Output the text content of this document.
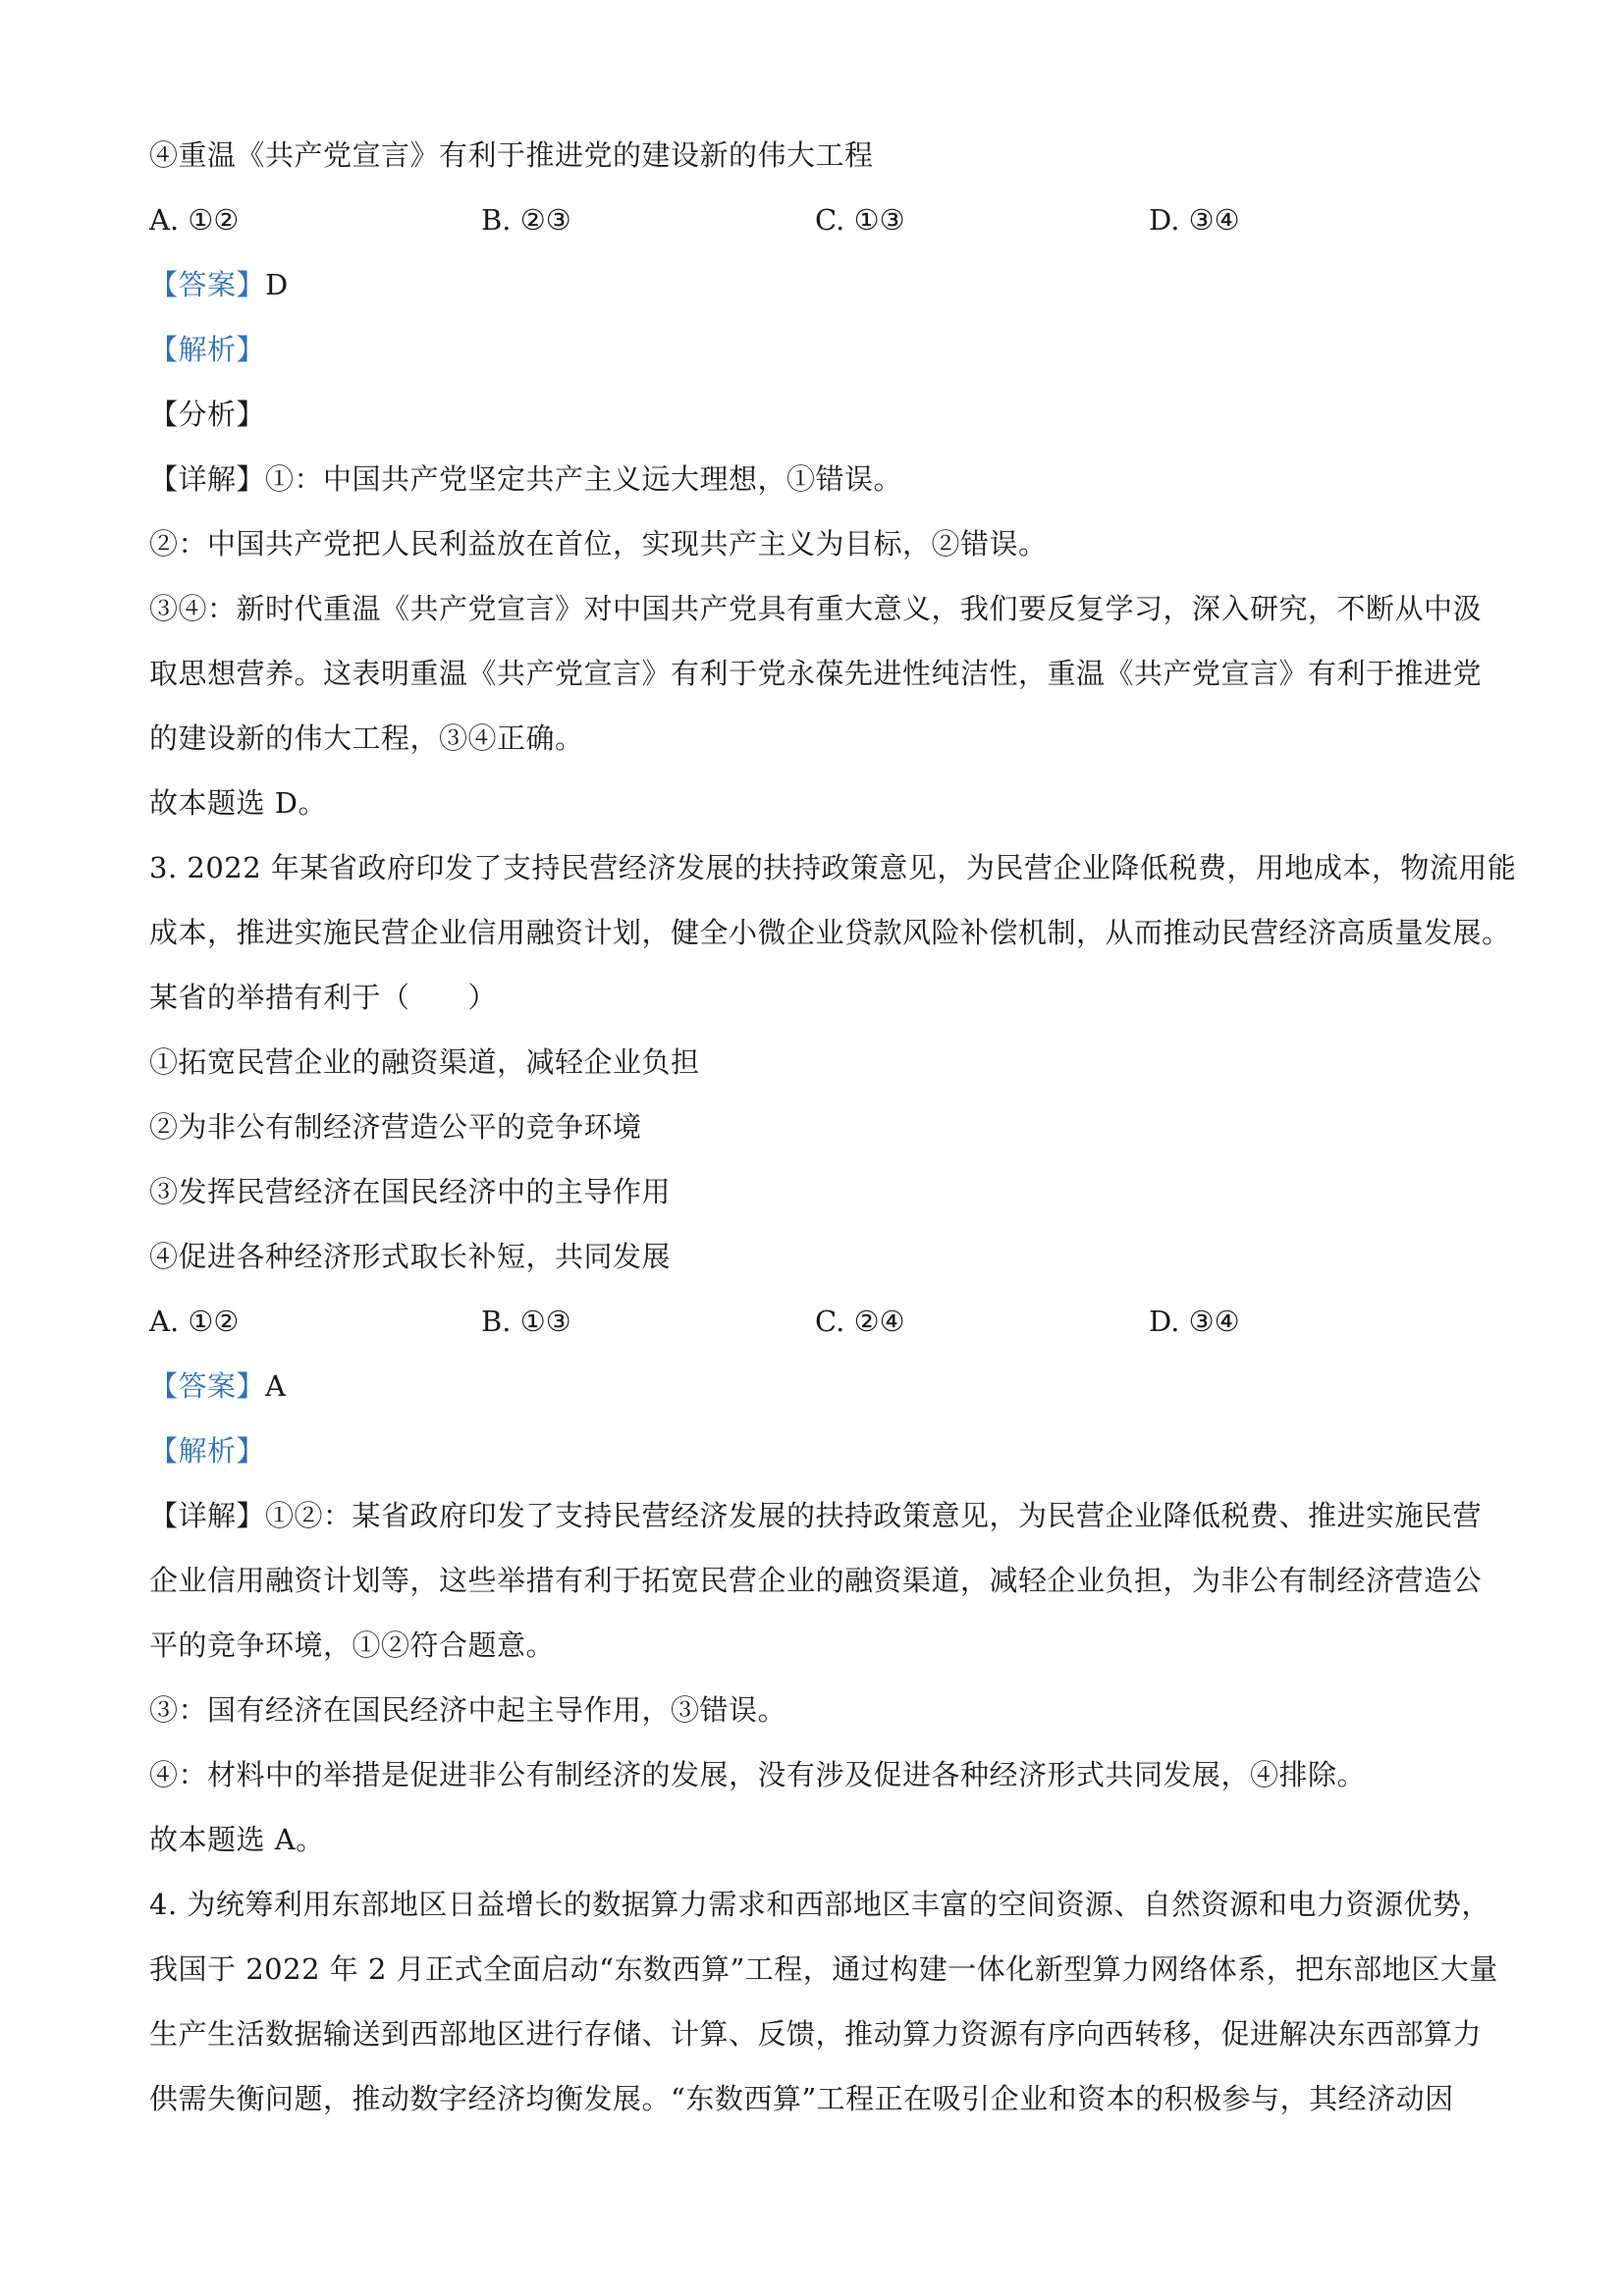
④重温《共产党宣言》有利于推进党的建设新的伟大工程
A. ①②	B. ②③	C. ①③	D. ③④
【答案】D
【解析】
【分析】
【详解】①：中国共产党坚定共产主义远大理想，①错误。
②：中国共产党把人民利益放在首位，实现共产主义为目标，②错误。
③④：新时代重温《共产党宣言》对中国共产党具有重大意义，我们要反复学习，深入研究，不断从中汲
取思想营养。这表明重温《共产党宣言》有利于党永葆先进性纯洁性，重温《共产党宣言》有利于推进党
的建设新的伟大工程，③④正确。
故本题选 D。
3. 2022 年某省政府印发了支持民营经济发展的扶持政策意见，为民营企业降低税费，用地成本，物流用能
成本，推进实施民营企业信用融资计划，健全小微企业贷款风险补偿机制，从而推动民营经济高质量发展。
某省的举措有利于（　　）
①拓宽民营企业的融资渠道，减轻企业负担
②为非公有制经济营造公平的竞争环境
③发挥民营经济在国民经济中的主导作用
④促进各种经济形式取长补短，共同发展
A. ①②	B. ①③	C. ②④	D. ③④
【答案】A
【解析】
【详解】①②：某省政府印发了支持民营经济发展的扶持政策意见，为民营企业降低税费、推进实施民营
企业信用融资计划等，这些举措有利于拓宽民营企业的融资渠道，减轻企业负担，为非公有制经济营造公
平的竞争环境，①②符合题意。
③：国有经济在国民经济中起主导作用，③错误。
④：材料中的举措是促进非公有制经济的发展，没有涉及促进各种经济形式共同发展，④排除。
故本题选 A。
4. 为统筹利用东部地区日益增长的数据算力需求和西部地区丰富的空间资源、自然资源和电力资源优势，
我国于 2022 年 2 月正式全面启动“东数西算”工程，通过构建一体化新型算力网络体系，把东部地区大量
生产生活数据输送到西部地区进行存储、计算、反馈，推动算力资源有序向西转移，促进解决东西部算力
供需失衡问题，推动数字经济均衡发展。“东数西算”工程正在吸引企业和资本的积极参与，其经济动因
